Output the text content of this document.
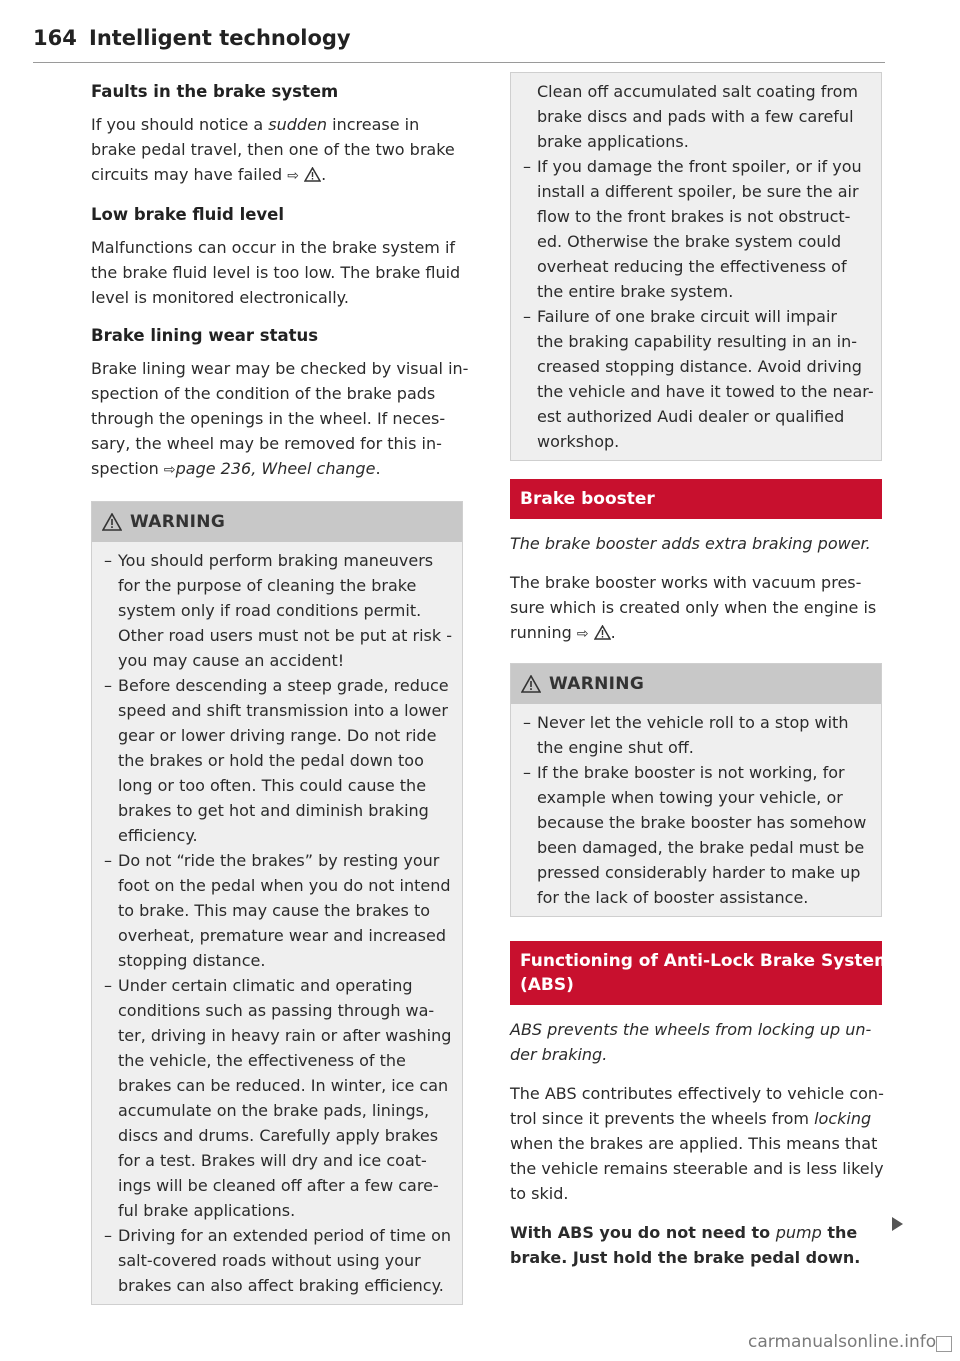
164 Intelligent technology
Faults in the brake system

If you should notice a sudden increase in
brake pedal travel, then one of the two brake
circuits may have failed ⇨ .

Low brake fluid level

Malfunctions can occur in the brake system if
the brake fluid level is too low. The brake fluid
level is monitored electronically.

Brake lining wear status

Brake lining wear may be checked by visual in-
spection of the condition of the brake pads
through the openings in the wheel. If neces-
sary, the wheel may be removed for this in-
spection ⇨page 236, Wheel change.

WARNING
– You should perform braking maneuvers
for the purpose of cleaning the brake
system only if road conditions permit.
Other road users must not be put at risk -
you may cause an accident!
– Before descending a steep grade, reduce
speed and shift transmission into a lower
gear or lower driving range. Do not ride
the brakes or hold the pedal down too
long or too often. This could cause the
brakes to get hot and diminish braking
efficiency.
– Do not “ride the brakes” by resting your
foot on the pedal when you do not intend
to brake. This may cause the brakes to
overheat, premature wear and increased
stopping distance.
– Under certain climatic and operating
conditions such as passing through wa-
ter, driving in heavy rain or after washing
the vehicle, the effectiveness of the
brakes can be reduced. In winter, ice can
accumulate on the brake pads, linings,
discs and drums. Carefully apply brakes
for a test. Brakes will dry and ice coat-
ings will be cleaned off after a few care-
ful brake applications.
– Driving for an extended period of time on
salt-covered roads without using your
brakes can also affect braking efficiency.
Clean off accumulated salt coating from
brake discs and pads with a few careful
brake applications.
– If you damage the front spoiler, or if you
install a different spoiler, be sure the air
flow to the front brakes is not obstruct-
ed. Otherwise the brake system could
overheat reducing the effectiveness of
the entire brake system.
– Failure of one brake circuit will impair
the braking capability resulting in an in-
creased stopping distance. Avoid driving
the vehicle and have it towed to the near-
est authorized Audi dealer or qualified
workshop.
Brake booster

The brake booster adds extra braking power.

The brake booster works with vacuum pres-
sure which is created only when the engine is
running ⇨ .

WARNING
– Never let the vehicle roll to a stop with
the engine shut off.
– If the brake booster is not working, for
example when towing your vehicle, or
because the brake booster has somehow
been damaged, the brake pedal must be
pressed considerably harder to make up
for the lack of booster assistance.
Functioning of Anti-Lock Brake System
(ABS)

ABS prevents the wheels from locking up un-
der braking.

The ABS contributes effectively to vehicle con-
trol since it prevents the wheels from locking
when the brakes are applied. This means that
the vehicle remains steerable and is less likely
to skid.

With ABS you do not need to pump the
brake. Just hold the brake pedal down.

carmanualsonline.info
